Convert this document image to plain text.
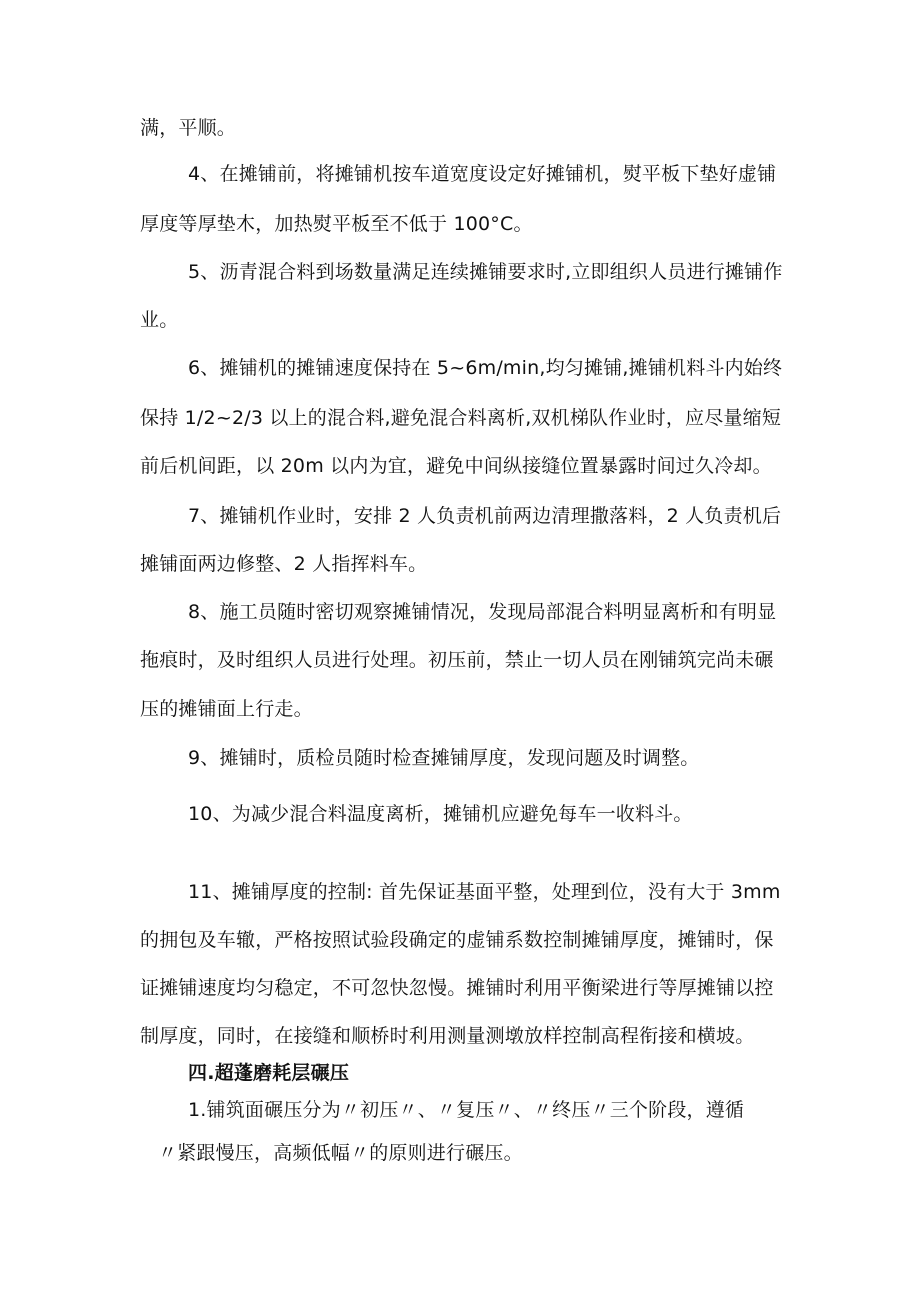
满，平顺。
4、在摊铺前，将摊铺机按车道宽度设定好摊铺机，熨平板下垫好虚铺
厚度等厚垫木，加热熨平板至不低于 100°C。
5、沥青混合料到场数量满足连续摊铺要求时,立即组织人员进行摊铺作
业。
6、摊铺机的摊铺速度保持在 5~6m/min,均匀摊铺,摊铺机料斗内始终
保持 1/2~2/3 以上的混合料,避免混合料离析,双机梯队作业时，应尽量缩短
前后机间距，以 20m 以内为宜，避免中间纵接缝位置暴露时间过久冷却。
7、摊铺机作业时，安排 2 人负责机前两边清理撒落料，2 人负责机后
摊铺面两边修整、2 人指挥料车。
8、施工员随时密切观察摊铺情况，发现局部混合料明显离析和有明显
拖痕时，及时组织人员进行处理。初压前，禁止一切人员在刚铺筑完尚未碾
压的摊铺面上行走。
9、摊铺时，质检员随时检查摊铺厚度，发现问题及时调整。
10、为减少混合料温度离析，摊铺机应避免每车一收料斗。
11、摊铺厚度的控制: 首先保证基面平整，处理到位，没有大于 3mm
的拥包及车辙，严格按照试验段确定的虚铺系数控制摊铺厚度，摊铺时，保
证摊铺速度均匀稳定，不可忽快忽慢。摊铺时利用平衡梁进行等厚摊铺以控
制厚度，同时，在接缝和顺桥时利用测量测墩放样控制高程衔接和横坡。
四.超蓬磨耗层碾压
1.铺筑面碾压分为〃初压〃、〃复压〃、〃终压〃三个阶段，遵循
〃紧跟慢压，高频低幅〃的原则进行碾压。
